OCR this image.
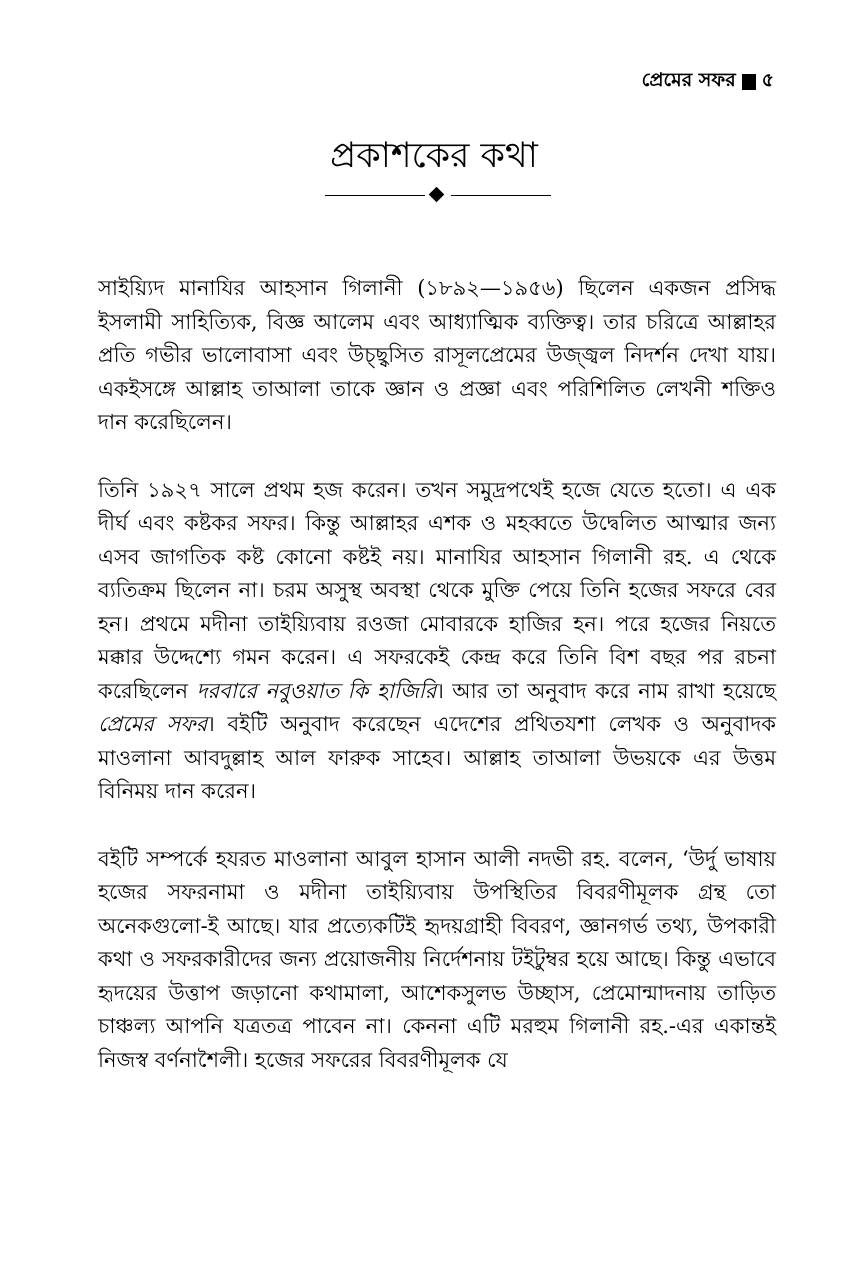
প্রেমের সফর ৫
প্রকাশকের কথা

সাইয়্যিদ মানাযির আহসান গিলানী (১৮৯২—১৯৫৬) ছিলেন একজন প্রসিদ্ধ ইসলামী সাহিত্যিক, বিজ্ঞ আলেম এবং আধ্যাত্মিক ব্যক্তিত্ব। তার চরিত্রে আল্লাহর প্রতি গভীর ভালোবাসা এবং উচ্ছ্বসিত রাসূলপ্রেমের উজ্জ্বল নিদর্শন দেখা যায়। একইসঙ্গে আল্লাহ তাআলা তাকে জ্ঞান ও প্রজ্ঞা এবং পরিশিলিত লেখনী শক্তিও দান করেছিলেন।

তিনি ১৯২৭ সালে প্রথম হজ করেন। তখন সমুদ্রপথেই হজে যেতে হতো। এ এক দীর্ঘ এবং কষ্টকর সফর। কিন্তু আল্লাহর এশক ও মহব্বতে উদ্বেলিত আত্মার জন্য এসব জাগতিক কষ্ট কোনো কষ্টই নয়। মানাযির আহসান গিলানী রহ. এ থেকে ব্যতিক্রম ছিলেন না। চরম অসুস্থ অবস্থা থেকে মুক্তি পেয়ে তিনি হজের সফরে বের হন। প্রথমে মদীনা তাইয়্যিবায় রওজা মোবারকে হাজির হন। পরে হজের নিয়তে মক্কার উদ্দেশ্যে গমন করেন। এ সফরকেই কেন্দ্র করে তিনি বিশ বছর পর রচনা করেছিলেন দরবারে নবুওয়াত কি হাজিরি। আর তা অনুবাদ করে নাম রাখা হয়েছে প্রেমের সফর। বইটি অনুবাদ করেছেন এদেশের প্রথিতযশা লেখক ও অনুবাদক মাওলানা আবদুল্লাহ আল ফারুক সাহেব। আল্লাহ তাআলা উভয়কে এর উত্তম বিনিময় দান করেন।

বইটি সম্পর্কে হযরত মাওলানা আবুল হাসান আলী নদভী রহ. বলেন, ‘উর্দু ভাষায় হজের সফরনামা ও মদীনা তাইয়্যিবায় উপস্থিতির বিবরণীমূলক গ্রন্থ তো অনেকগুলো-ই আছে। যার প্রত্যেকটিই হৃদয়গ্রাহী বিবরণ, জ্ঞানগর্ভ তথ্য, উপকারী কথা ও সফরকারীদের জন্য প্রয়োজনীয় নির্দেশনায় টইটুম্বর হয়ে আছে। কিন্তু এভাবে হৃদয়ের উত্তাপ জড়ানো কথামালা, আশেকসুলভ উচ্ছাস, প্রেমোন্মাদনায় তাড়িত চাঞ্চল্য আপনি যত্রতত্র পাবেন না। কেননা এটি মরহুম গিলানী রহ.-এর একান্তই নিজস্ব বর্ণনাশৈলী। হজের সফরের বিবরণীমূলক যে
